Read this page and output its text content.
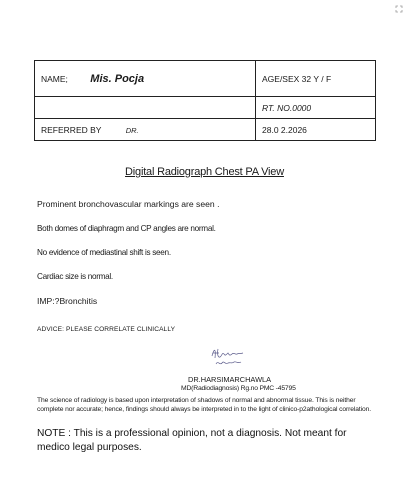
NAME; Mis. Pocja	AGE/SEX 32 Y / F
	RT. NO.0000
REFERRED BY DR.	28.0 2.2026
Digital Radiograph Chest PA View
Prominent bronchovascular markings are seen .
Both domes of diaphragm and CP angles are normal.
No evidence of mediastinal shift is seen.
Cardiac size is normal.
IMP:?Bronchitis
ADVICE: PLEASE CORRELATE CLINICALLY
DR.HARSIMARCHAWLA
MD(Radiodiagnosis) Rg.no PMC -45795
The science of radiology is based upon interpretation of shadows of normal and abnormal tissue. This is neither complete nor accurate; hence, findings should always be interpreted in to the light of clinico-p2athological correlation.
NOTE : This is a professional opinion, not a diagnosis. Not meant for medico legal purposes.
